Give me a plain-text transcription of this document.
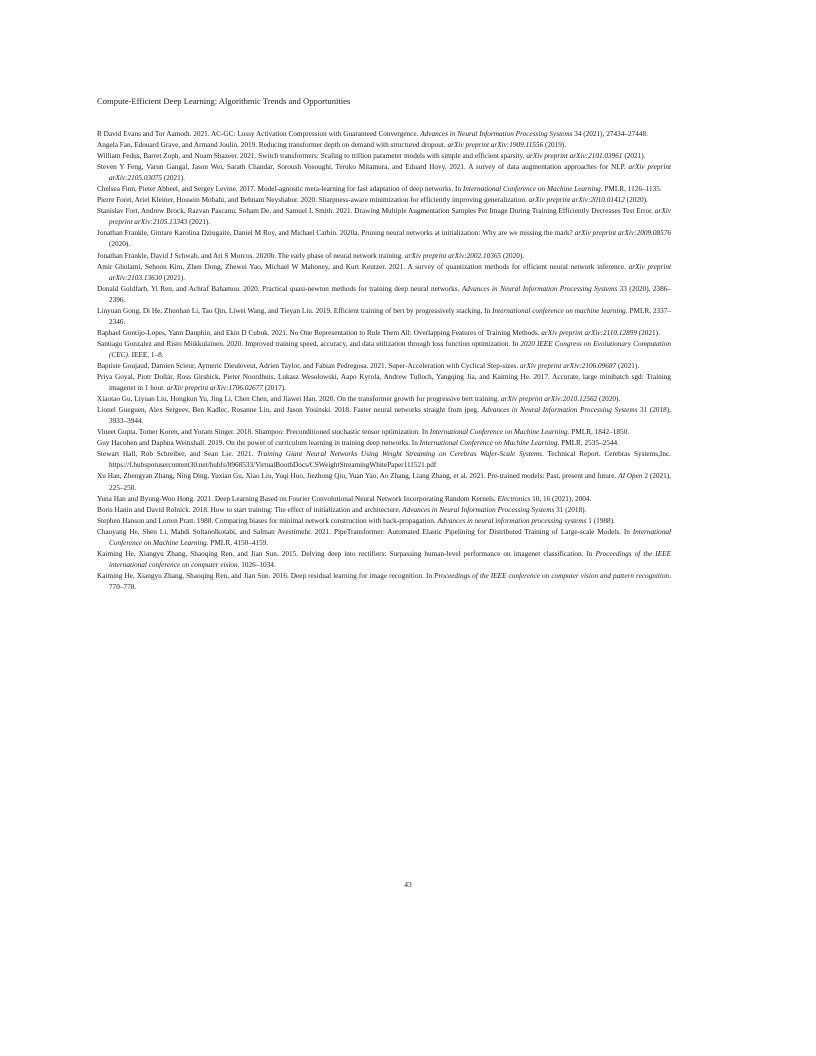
Compute-Efficient Deep Learning: Algorithmic Trends and Opportunities
R David Evans and Tor Aamodt. 2021. AC-GC: Lossy Activation Compression with Guaranteed Convergence. Advances in Neural Information Processing Systems 34 (2021), 27434–27448.
Angela Fan, Edouard Grave, and Armand Joulin. 2019. Reducing transformer depth on demand with structured dropout. arXiv preprint arXiv:1909.11556 (2019).
William Fedus, Barret Zoph, and Noam Shazeer. 2021. Switch transformers: Scaling to trillion parameter models with simple and efficient sparsity. arXiv preprint arXiv:2101.03961 (2021).
Steven Y Feng, Varun Gangal, Jason Wei, Sarath Chandar, Soroush Vosoughi, Teruko Mitamura, and Eduard Hovy. 2021. A survey of data augmentation approaches for NLP. arXiv preprint arXiv:2105.03075 (2021).
Chelsea Finn, Pieter Abbeel, and Sergey Levine. 2017. Model-agnostic meta-learning for fast adaptation of deep networks. In International Conference on Machine Learning. PMLR, 1126–1135.
Pierre Foret, Ariel Kleiner, Hossein Mobahi, and Behnam Neyshabur. 2020. Sharpness-aware minimization for efficiently improving generalization. arXiv preprint arXiv:2010.01412 (2020).
Stanislav Fort, Andrew Brock, Razvan Pascanu, Soham De, and Samuel L Smith. 2021. Drawing Multiple Augmentation Samples Per Image During Training Efficiently Decreases Test Error. arXiv preprint arXiv:2105.13343 (2021).
Jonathan Frankle, Gintare Karolina Dziugaite, Daniel M Roy, and Michael Carbin. 2020a. Pruning neural networks at initialization: Why are we missing the mark? arXiv preprint arXiv:2009.08576 (2020).
Jonathan Frankle, David J Schwab, and Ari S Morcos. 2020b. The early phase of neural network training. arXiv preprint arXiv:2002.10365 (2020).
Amir Gholami, Sehoon Kim, Zhen Dong, Zhewei Yao, Michael W Mahoney, and Kurt Keutzer. 2021. A survey of quantization methods for efficient neural network inference. arXiv preprint arXiv:2103.13630 (2021).
Donald Goldfarb, Yi Ren, and Achraf Bahamou. 2020. Practical quasi-newton methods for training deep neural networks. Advances in Neural Information Processing Systems 33 (2020), 2386–2396.
Linyuan Gong, Di He, Zhuohan Li, Tao Qin, Liwei Wang, and Tieyan Liu. 2019. Efficient training of bert by progressively stacking. In International conference on machine learning. PMLR, 2337–2346.
Raphael Gontijo-Lopes, Yann Dauphin, and Ekin D Cubuk. 2021. No One Representation to Rule Them All: Overlapping Features of Training Methods. arXiv preprint arXiv:2110.12899 (2021).
Santiago Gonzalez and Risto Miikkulainen. 2020. Improved training speed, accuracy, and data utilization through loss function optimization. In 2020 IEEE Congress on Evolutionary Computation (CEC). IEEE, 1–8.
Baptiste Goujaud, Damien Scieur, Aymeric Dieuleveut, Adrien Taylor, and Fabian Pedregosa. 2021. Super-Acceleration with Cyclical Step-sizes. arXiv preprint arXiv:2106.09687 (2021).
Priya Goyal, Piotr Dollár, Ross Girshick, Pieter Noordhuis, Lukasz Wesolowski, Aapo Kyrola, Andrew Tulloch, Yangqing Jia, and Kaiming He. 2017. Accurate, large minibatch sgd: Training imagenet in 1 hour. arXiv preprint arXiv:1706.02677 (2017).
Xiaotao Gu, Liyuan Liu, Hongkun Yu, Jing Li, Chen Chen, and Jiawei Han. 2020. On the transformer growth for progressive bert training. arXiv preprint arXiv:2010.12562 (2020).
Lionel Gueguen, Alex Sergeev, Ben Kadlec, Rosanne Liu, and Jason Yosinski. 2018. Faster neural networks straight from jpeg. Advances in Neural Information Processing Systems 31 (2018), 3933–3944.
Vineet Gupta, Tomer Koren, and Yoram Singer. 2018. Shampoo: Preconditioned stochastic tensor optimization. In International Conference on Machine Learning. PMLR, 1842–1850.
Guy Hacohen and Daphna Weinshall. 2019. On the power of curriculum learning in training deep networks. In International Conference on Machine Learning. PMLR, 2535–2544.
Stewart Hall, Rob Schreiber, and Sean Lie. 2021. Training Giant Neural Networks Using Weight Streaming on Cerebras Wafer-Scale Systems. Technical Report. Cerebras Systems,Inc. https://f.hubspotusercontent30.net/hubfs/8968533/VirtualBoothDocs/CSWeightStreamingWhitePaper111521.pdf
Xu Han, Zhengyan Zhang, Ning Ding, Yuxian Gu, Xiao Liu, Yuqi Huo, Jiezhong Qiu, Yuan Yao, Ao Zhang, Liang Zhang, et al. 2021. Pre-trained models: Past, present and future. AI Open 2 (2021), 225–250.
Yuna Han and Byung-Woo Hong. 2021. Deep Learning Based on Fourier Convolutional Neural Network Incorporating Random Kernels. Electronics 10, 16 (2021), 2004.
Boris Hanin and David Rolnick. 2018. How to start training: The effect of initialization and architecture. Advances in Neural Information Processing Systems 31 (2018).
Stephen Hanson and Lorien Pratt. 1988. Comparing biases for minimal network construction with back-propagation. Advances in neural information processing systems 1 (1988).
Chaoyang He, Shen Li, Mahdi Soltanolkotabi, and Salman Avestimehr. 2021. PipeTransformer: Automated Elastic Pipelining for Distributed Training of Large-scale Models. In International Conference on Machine Learning. PMLR, 4150–4159.
Kaiming He, Xiangyu Zhang, Shaoqing Ren, and Jian Sun. 2015. Delving deep into rectifiers: Surpassing human-level performance on imagenet classification. In Proceedings of the IEEE international conference on computer vision. 1026–1034.
Kaiming He, Xiangyu Zhang, Shaoqing Ren, and Jian Sun. 2016. Deep residual learning for image recognition. In Proceedings of the IEEE conference on computer vision and pattern recognition. 770–778.
43
